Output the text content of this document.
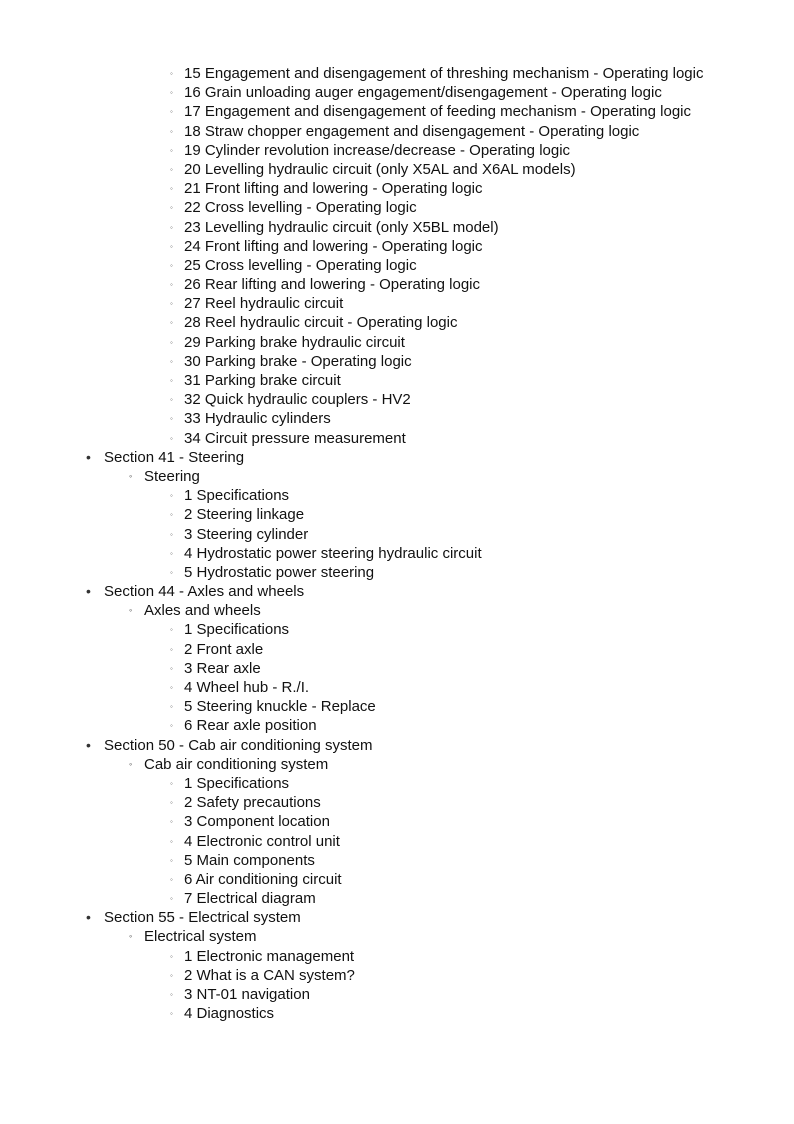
◦ 15 Engagement and disengagement of threshing mechanism - Operating logic
◦ 16 Grain unloading auger engagement/disengagement - Operating logic
◦ 17 Engagement and disengagement of feeding mechanism - Operating logic
◦ 18 Straw chopper engagement and disengagement - Operating logic
◦ 19 Cylinder revolution increase/decrease - Operating logic
◦ 20 Levelling hydraulic circuit (only X5AL and X6AL models)
◦ 21 Front lifting and lowering - Operating logic
◦ 22 Cross levelling - Operating logic
◦ 23 Levelling hydraulic circuit (only X5BL model)
◦ 24 Front lifting and lowering - Operating logic
◦ 25 Cross levelling - Operating logic
◦ 26 Rear lifting and lowering - Operating logic
◦ 27 Reel hydraulic circuit
◦ 28 Reel hydraulic circuit - Operating logic
◦ 29 Parking brake hydraulic circuit
◦ 30 Parking brake - Operating logic
◦ 31 Parking brake circuit
◦ 32 Quick hydraulic couplers - HV2
◦ 33 Hydraulic cylinders
◦ 34 Circuit pressure measurement
• Section 41 - Steering
◦ Steering
◦ 1 Specifications
◦ 2 Steering linkage
◦ 3 Steering cylinder
◦ 4 Hydrostatic power steering hydraulic circuit
◦ 5 Hydrostatic power steering
• Section 44 - Axles and wheels
◦ Axles and wheels
◦ 1 Specifications
◦ 2 Front axle
◦ 3 Rear axle
◦ 4 Wheel hub - R./I.
◦ 5 Steering knuckle - Replace
◦ 6 Rear axle position
• Section 50 - Cab air conditioning system
◦ Cab air conditioning system
◦ 1 Specifications
◦ 2 Safety precautions
◦ 3 Component location
◦ 4 Electronic control unit
◦ 5 Main components
◦ 6 Air conditioning circuit
◦ 7 Electrical diagram
• Section 55 - Electrical system
◦ Electrical system
◦ 1 Electronic management
◦ 2 What is a CAN system?
◦ 3 NT-01 navigation
◦ 4 Diagnostics
